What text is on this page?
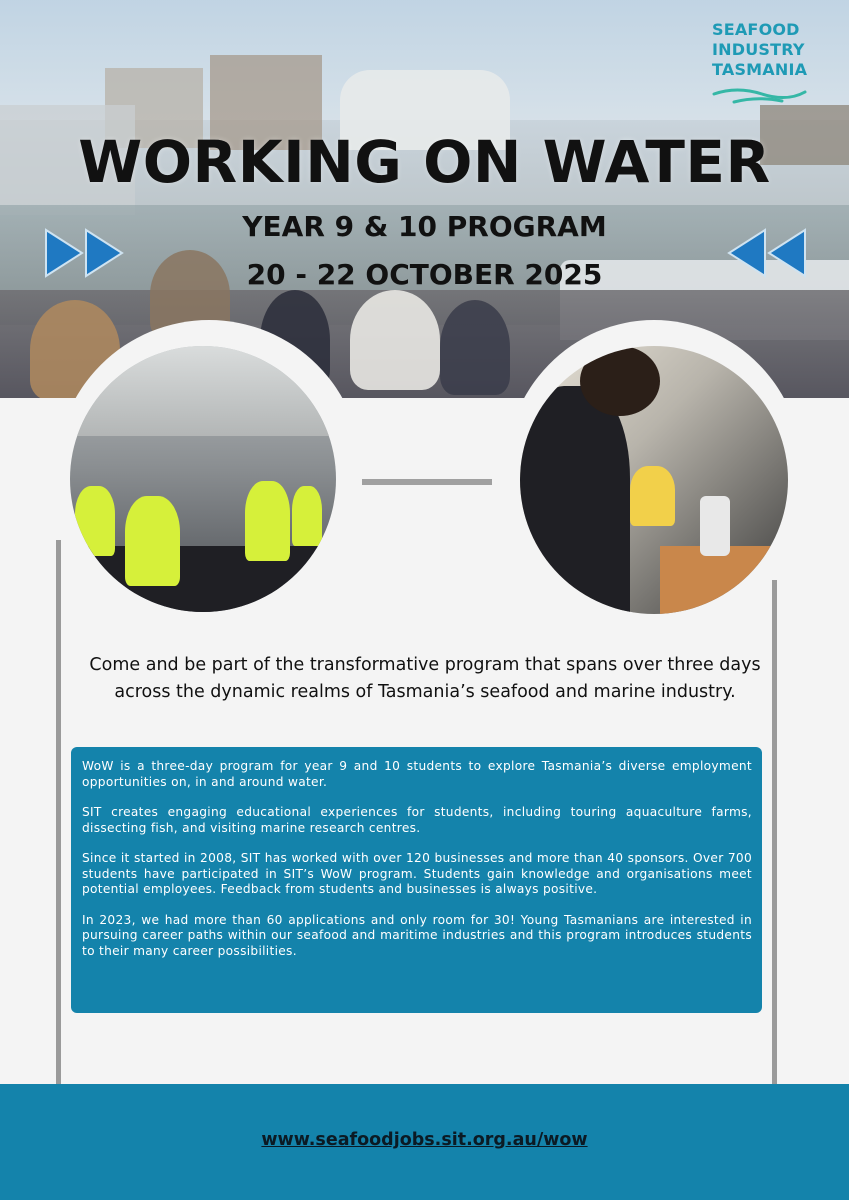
SEAFOOD
INDUSTRY
TASMANIA
WORKING ON WATER
YEAR 9 & 10 PROGRAM
20 - 22 OCTOBER 2025
Come and be part of the transformative program that spans over three days across the dynamic realms of Tasmania’s seafood and marine industry.

WoW is a three-day program for year 9 and 10 students to explore Tasmania’s diverse employment opportunities on, in and around water.

SIT creates engaging educational experiences for students, including touring aquaculture farms, dissecting fish, and visiting marine research centres.

Since it started in 2008, SIT has worked with over 120 businesses and more than 40 sponsors. Over 700 students have participated in SIT’s WoW program. Students gain knowledge and organisations meet potential employees. Feedback from students and businesses is always positive.

In 2023, we had more than 60 applications and only room for 30! Young Tasmanians are interested in pursuing career paths within our seafood and maritime industries and this program introduces students to their many career possibilities.

www.seafoodjobs.sit.org.au/wow
